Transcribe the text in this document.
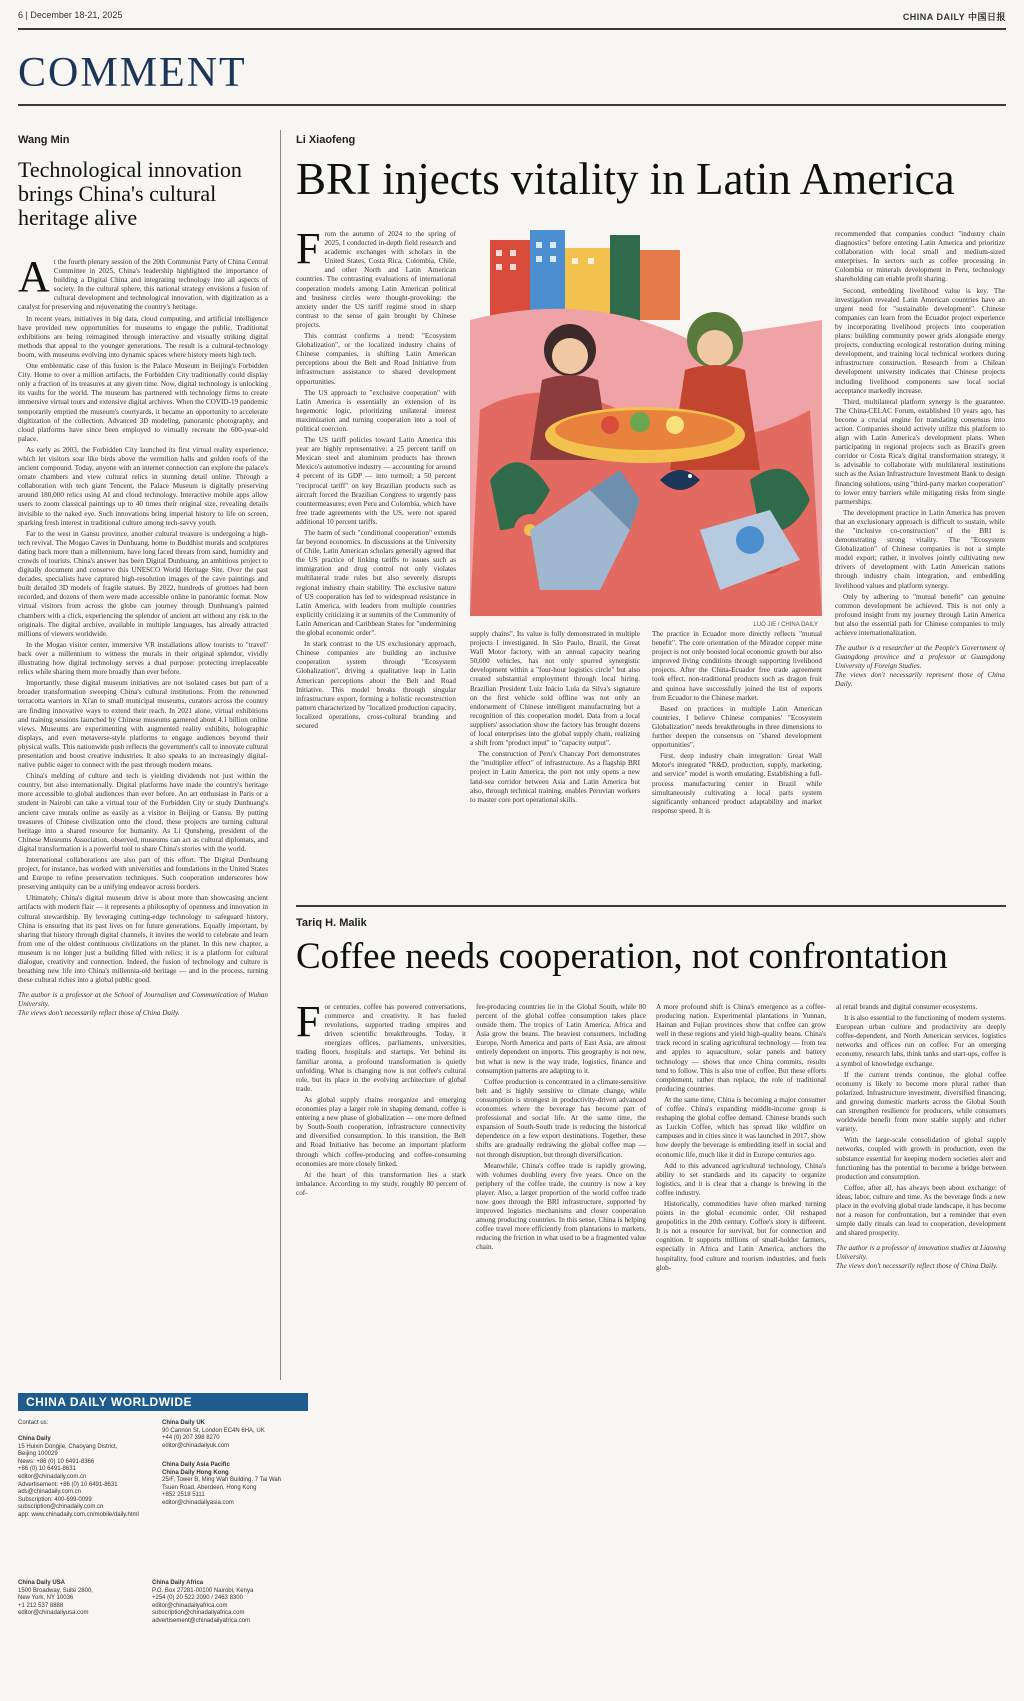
6 | December 18-21, 2025	CHINA DAILY 中国日报
COMMENT
Wang Min
Technological innovation brings China's cultural heritage alive
A t the fourth plenary session of the 20th Communist Party of China Central Committee in 2025, China's leadership highlighted the importance of building a Digital China and integrating technology into all aspects of society. In the cultural sphere, this national strategy envisions a fusion of cultural development and technological innovation, with digitization as a catalyst for preserving and rejuvenating the country's heritage.

In recent years, initiatives in big data, cloud computing, and artificial intelligence have provided new opportunities for museums to engage the public. Traditional exhibitions are being reimagined through interactive and visually striking digital methods that appeal to the younger generations. The result is a cultural-technology boom, with museums evolving into dynamic spaces where history meets high tech.

One emblematic case of this fusion is the Palace Museum in Beijing's Forbidden City. Home to over a million artifacts, the Forbidden City traditionally could display only a fraction of its treasures at any given time. Now, digital technology is unlocking its vaults for the world. The museum has partnered with technology firms to create immersive virtual tours and extensive digital archives. When the COVID-19 pandemic temporarily emptied the museum's courtyards, it became an opportunity to accelerate digitization of the collection. Advanced 3D modeling, panoramic photography, and cloud platforms have since been employed to virtually recreate the 600-year-old palace.

As early as 2003, the Forbidden City launched its first virtual reality experience, which let visitors soar like birds above the vermilion halls and golden roofs of the ancient compound. Today, anyone with an internet connection can explore the palace's ornate chambers and view cultural relics in stunning detail online. Through a collaboration with tech giant Tencent, the Palace Museum is digitally preserving around 180,000 relics using AI and cloud technology. Interactive mobile apps allow users to zoom classical paintings up to 40 times their original size, revealing details invisible to the naked eye. Such innovations bring imperial history to life on screen, sparking fresh interest in traditional culture among tech-savvy youth.

Far to the west in Gansu province, another cultural treasure is undergoing a high-tech revival. The Mogao Caves in Dunhuang, home to Buddhist murals and sculptures dating back more than a millennium, have long faced threats from sand, humidity and crowds of tourists. China's answer has been Digital Dunhuang, an ambitious project to digitally document and conserve this UNESCO World Heritage Site. Over the past decades, specialists have captured high-resolution images of the cave paintings and built detailed 3D models of fragile statues. By 2022, hundreds of grottoes had been recorded, and dozens of them were made accessible online in panoramic format. Now virtual visitors from across the globe can journey through Dunhuang's painted chambers with a click, experiencing the splendor of ancient art without any risk to the originals. The digital archive, available in multiple languages, has already attracted millions of viewers worldwide.

In the Mogao visitor center, immersive VR installations allow tourists to "travel" back over a millennium to witness the murals in their original splendor, vividly illustrating how digital technology serves a dual purpose: protecting irreplaceable relics while sharing them more broadly than ever before.

Importantly, these digital museum initiatives are not isolated cases but part of a broader transformation sweeping China's cultural institutions. From the renowned terracotta warriors in Xi'an to small municipal museums, curators across the country are finding innovative ways to extend their reach. In 2021 alone, virtual exhibitions and training sessions launched by Chinese museums garnered about 4.1 billion online views. Museums are experimenting with augmented reality exhibits, holographic displays, and even metaverse-style platforms to engage audiences beyond their physical walls. This nationwide push reflects the government's call to innovate cultural presentation and boost creative industries. It also speaks to an increasingly digital-native public eager to connect with the past through modern means.

China's melding of culture and tech is yielding dividends not just within the country, but also internationally. Digital platforms have made the country's heritage more accessible to global audiences than ever before. An art enthusiast in Paris or a student in Nairobi can take a virtual tour of the Forbidden City or study Dunhuang's ancient cave murals online as easily as a visitor in Beijing or Gansu. By putting treasures of Chinese civilization onto the cloud, these projects are turning cultural heritage into a shared resource for humanity. As Li Qunsheng, president of the Chinese Museums Association, observed, museums can act as cultural diplomats, and digital transformation is a powerful tool to share China's stories with the world.

International collaborations are also part of this effort. The Digital Dunhuang project, for instance, has worked with universities and foundations in the United States and Europe to refine preservation techniques. Such cooperation underscores how preserving antiquity can be a unifying endeavor across borders.

Ultimately, China's digital museum drive is about more than showcasing ancient artifacts with modern flair — it represents a philosophy of openness and innovation in cultural stewardship. By leveraging cutting-edge technology to safeguard history, China is ensuring that its past lives on for future generations. Equally important, by sharing that history through digital channels, it invites the world to celebrate and learn from one of the oldest continuous civilizations on the planet. In this new chapter, a museum is no longer just a building filled with relics; it is a platform for cultural dialogue, creativity and connection. Indeed, the fusion of technology and culture is breathing new life into China's millennia-old heritage — and in the process, turning these cultural riches into a global public good.

The author is a professor at the School of Journalism and Communication of Wuhan University.
The views don't necessarily reflect those of China Daily.
Li Xiaofeng
BRI injects vitality in Latin America
F rom the autumn of 2024 to the spring of 2025, I conducted in-depth field research and academic exchanges with scholars in the United States, Costa Rica, Colombia, Chile, and other North and Latin American countries. The contrasting evaluations of international cooperation models among Latin American political and business circles were thought-provoking: the anxiety under the US tariff regime stood in sharp contrast to the sense of gain brought by Chinese projects.

This contrast confirms a trend: "Ecosystem Globalization", or the localized industry chains of Chinese companies, is shifting Latin American perceptions about the Belt and Road Initiative from infrastructure assistance to shared development opportunities.

The US approach to "exclusive cooperation" with Latin America is essentially an extension of its hegemonic logic, prioritizing unilateral interest maximization and turning cooperation into a tool of political coercion.

The US tariff policies toward Latin America this year are highly representative: a 25 percent tariff on Mexican steel and aluminum products has thrown Mexico's automotive industry — accounting for around 4 percent of its GDP — into turmoil; a 50 percent "reciprocal tariff" on key Brazilian products such as aircraft forced the Brazilian Congress to urgently pass countermeasures; even Peru and Colombia, which have free trade agreements with the US, were not spared additional 10 percent tariffs.

The harm of such "conditional cooperation" extends far beyond economics. In discussions at the University of Chile, Latin American scholars generally agreed that the US practice of linking tariffs to issues such as immigration and drug control not only violates multilateral trade rules but also severely disrupts regional industry chain stability. The exclusive nature of US cooperation has led to widespread resistance in Latin America, with leaders from multiple countries explicitly criticizing it at summits of the Community of Latin American and Caribbean States for "undermining the global economic order".

In stark contrast to the US exclusionary approach, Chinese companies are building an inclusive cooperation system through "Ecosystem Globalization", driving a qualitative leap in Latin American perceptions about the Belt and Road Initiative. This model breaks through singular infrastructure export, forming a holistic reconstruction pattern characterized by "localized production capacity, localized operations, cross-cultural branding and secured

LUO JIE / CHINA DAILY

recommended that companies conduct "industry chain diagnostics" before entering Latin America and prioritize collaboration with local small and medium-sized enterprises. In sectors such as coffee processing in Colombia or minerals development in Peru, technology shareholding can enable profit sharing.

Second, embedding livelihood value is key. The investigation revealed Latin American countries have an urgent need for "sustainable development". Chinese companies can learn from the Ecuador project experience by incorporating livelihood projects into cooperation plans: building community power grids alongside energy projects, conducting ecological restoration during mining development, and training local technical workers during infrastructure construction. Research from a Chilean development university indicates that Chinese projects including livelihood components saw local social acceptance markedly increase.

Third, multilateral platform synergy is the guarantee. The China-CELAC Forum, established 10 years ago, has become a crucial engine for translating consensus into action. Companies should actively utilize this platform to align with Latin America's development plans. When participating in regional projects such as Brazil's green corridor or Costa Rica's digital transformation strategy, it is advisable to collaborate with multilateral institutions such as the Asian Infrastructure Investment Bank to design financing solutions, using "third-party market cooperation" to lower entry barriers while mitigating risks from single partnerships.

The development practice in Latin America has proven that an exclusionary approach is difficult to sustain, while the "inclusive co-construction" of the BRI is demonstrating strong vitality. The "Ecosystem Globalization" of Chinese companies is not a simple model export; rather, it involves jointly cultivating new drivers of development with Latin American nations through industry chain integration, and embedding livelihood values and platform synergy.

Only by adhering to "mutual benefit" can genuine common development be achieved. This is not only a profound insight from my journey through Latin America but also the essential path for Chinese companies to truly achieve internationalization.

The author is a researcher at the People's Government of Guangdong province and a professor at Guangdong University of Foreign Studies.
The views don't necessarily represent those of China Daily.

supply chains". Its value is fully demonstrated in multiple projects I investigated. In São Paulo, Brazil, the Great Wall Motor factory, with an annual capacity nearing 50,000 vehicles, has not only spurred synergistic development within a "four-hour logistics circle" but also created substantial employment through local hiring. Brazilian President Luiz Inácio Lula da Silva's signature on the first vehicle sold offline was not only an endorsement of Chinese intelligent manufacturing but a recognition of this cooperation model. Data from a local suppliers' association show the factory has brought dozens of local enterprises into the global supply chain, realizing a shift from "product input" to "capacity output".

The construction of Peru's Chancay Port demonstrates the "multiplier effect" of infrastructure. As a flagship BRI project in Latin America, the port not only opens a new land-sea corridor between Asia and Latin America but also, through technical training, enables Peruvian workers to master core port operational skills.

The practice in Ecuador more directly reflects "mutual benefit". The core orientation of the Mirador copper mine project is not only boosted local economic growth but also improved living conditions through supporting livelihood projects. After the China-Ecuador free trade agreement took effect, non-traditional products such as dragon fruit and quinoa have successfully joined the list of exports from Ecuador to the Chinese market.

Based on practices in multiple Latin American countries, I believe Chinese companies' "Ecosystem Globalization" needs breakthroughs in three dimensions to further deepen the consensus on "shared development opportunities".

First, deep industry chain integration: Great Wall Motor's integrated "R&D, production, supply, marketing, and service" model is worth emulating. Establishing a full-process manufacturing center in Brazil while simultaneously cultivating a local parts system significantly enhanced product adaptability and market response speed. It is

Tariq H. Malik
Coffee needs cooperation, not confrontation
F or centuries, coffee has powered conversations, commerce and creativity. It has fueled revolutions, supported trading empires and driven scientific breakthroughs. Today, it energizes offices, parliaments, universities, trading floors, hospitals and startups. Yet behind its familiar aroma, a profound transformation is quietly unfolding. What is changing now is not coffee's cultural role, but its place in the evolving architecture of global trade.

As global supply chains reorganize and emerging economies play a larger role in shaping demand, coffee is entering a new phase of globalization — one more defined by South-South cooperation, infrastructure connectivity and diversified consumption. In this transition, the Belt and Road Initiative has become an important platform through which coffee-producing and coffee-consuming economies are more closely linked.

At the heart of this transformation lies a stark imbalance. According to my study, roughly 80 percent of cof-

fee-producing countries lie in the Global South, while 80 percent of the global coffee consumption takes place outside them. The tropics of Latin America, Africa and Asia grow the beans. The heaviest consumers, including Europe, North America and parts of East Asia, are almost entirely dependent on imports. This geography is not new, but what is new is the way trade, logistics, finance and consumption patterns are adapting to it.

Coffee production is concentrated in a climate-sensitive belt and is highly sensitive to climate change, while consumption is strongest in productivity-driven advanced economies where the beverage has become part of professional and social life. At the same time, the expansion of South-South trade is reducing the historical dependence on a few export destinations. Together, these shifts are gradually redrawing the global coffee map — not through disruption, but through diversification.

Meanwhile, China's coffee trade is rapidly growing, with volumes doubling every five years. Once on the periphery of the coffee trade, the country is now a key player. Also, a larger proportion of the world coffee trade now goes through the BRI infrastructure, supported by improved logistics mechanisms and closer cooperation among producing countries. In this sense, China is helping coffee travel more efficiently from plantations to markets, reducing the friction in what used to be a fragmented value chain.

A more profound shift is China's emergence as a coffee-producing nation. Experimental plantations in Yunnan, Hainan and Fujian provinces show that coffee can grow well in these regions and yield high-quality beans. China's track record in scaling agricultural technology — from tea and apples to aquaculture, solar panels and battery technology — shows that once China commits, results tend to follow. This is also true of coffee. But these efforts complement, rather than replace, the role of traditional producing countries.

At the same time, China is becoming a major consumer of coffee. China's expanding middle-income group is reshaping the global coffee demand. Chinese brands such as Luckin Coffee, which has spread like wildfire on campuses and in cities since it was launched in 2017, show how deeply the beverage is embedding itself in social and economic life, much like it did in Europe centuries ago.

Add to this advanced agricultural technology, China's ability to set standards and its capacity to organize logistics, and it is clear that a change is brewing in the coffee industry.

Historically, commodities have often marked turning points in the global economic order. Oil reshaped geopolitics in the 20th century. Coffee's story is different. It is not a resource for survival, but for connection and cognition. It supports millions of small-holder farmers, especially in Africa and Latin America, anchors the hospitality, food culture and tourism industries, and fuels glob-

al retail brands and digital consumer ecosystems.

It is also essential to the functioning of modern systems. European urban culture and productivity are deeply coffee-dependent, and North American services, logistics networks and offices run on coffee. For an emerging economy, research labs, think tanks and start-ups, coffee is a symbol of knowledge exchange.

If the current trends continue, the global coffee economy is likely to become more plural rather than polarized. Infrastructure investment, diversified financing, and growing domestic markets across the Global South can strengthen resilience for producers, while consumers worldwide benefit from more stable supply and richer variety.

With the large-scale consolidation of global supply networks, coupled with growth in production, even the substance essential for keeping modern societies alert and functioning has the potential to become a bridge between production and consumption.

Coffee, after all, has always been about exchange: of ideas, labor, culture and time. As the beverage finds a new place in the evolving global trade landscape, it has become not a reason for confrontation, but a reminder that even simple daily rituals can lead to cooperation, development and shared prosperity.

The author is a professor of innovation studies at Liaoning University.
The views don't necessarily reflect those of China Daily.
CHINA DAILY WORLDWIDE
Contact us:
China Daily
15 Huixin Dongjie, Chaoyang District,
Beijing 100029
News: +86 (0) 10 6491-8366
+86 (0) 10 6491-8631
editor@chinadaily.com.cn
Advertisement: +86 (0) 10 6491-8631
ads@chinadaily.com.cn
Subscription: 400-699-0099
subscription@chinadaily.com.cn
app: www.chinadaily.com.cn/mobile/daily.html
China Daily UK
90 Cannon St, London EC4N 6HA, UK
+44 (0) 207 398 8270
editor@chinadailyuk.com
China Daily Asia Pacific
China Daily Hong Kong
25/F, Tower B, Ming Wah Building, 7 Tai Wah
Tsuen Road, Aberdeen, Hong Kong
+852 2518 5111
editor@chinadailyasia.com
China Daily USA
1500 Broadway, Suite 2800,
New York, NY 10036
+1 212 537 8888
editor@chinadailyusa.com
China Daily Africa
P.O. Box 27281-00100 Nairobi, Kenya
+254 (0) 20 522 2090 / 2463 8300
editor@chinadailyafrica.com
subscription@chinadailyafrica.com
advertisement@chinadailyafrica.com
